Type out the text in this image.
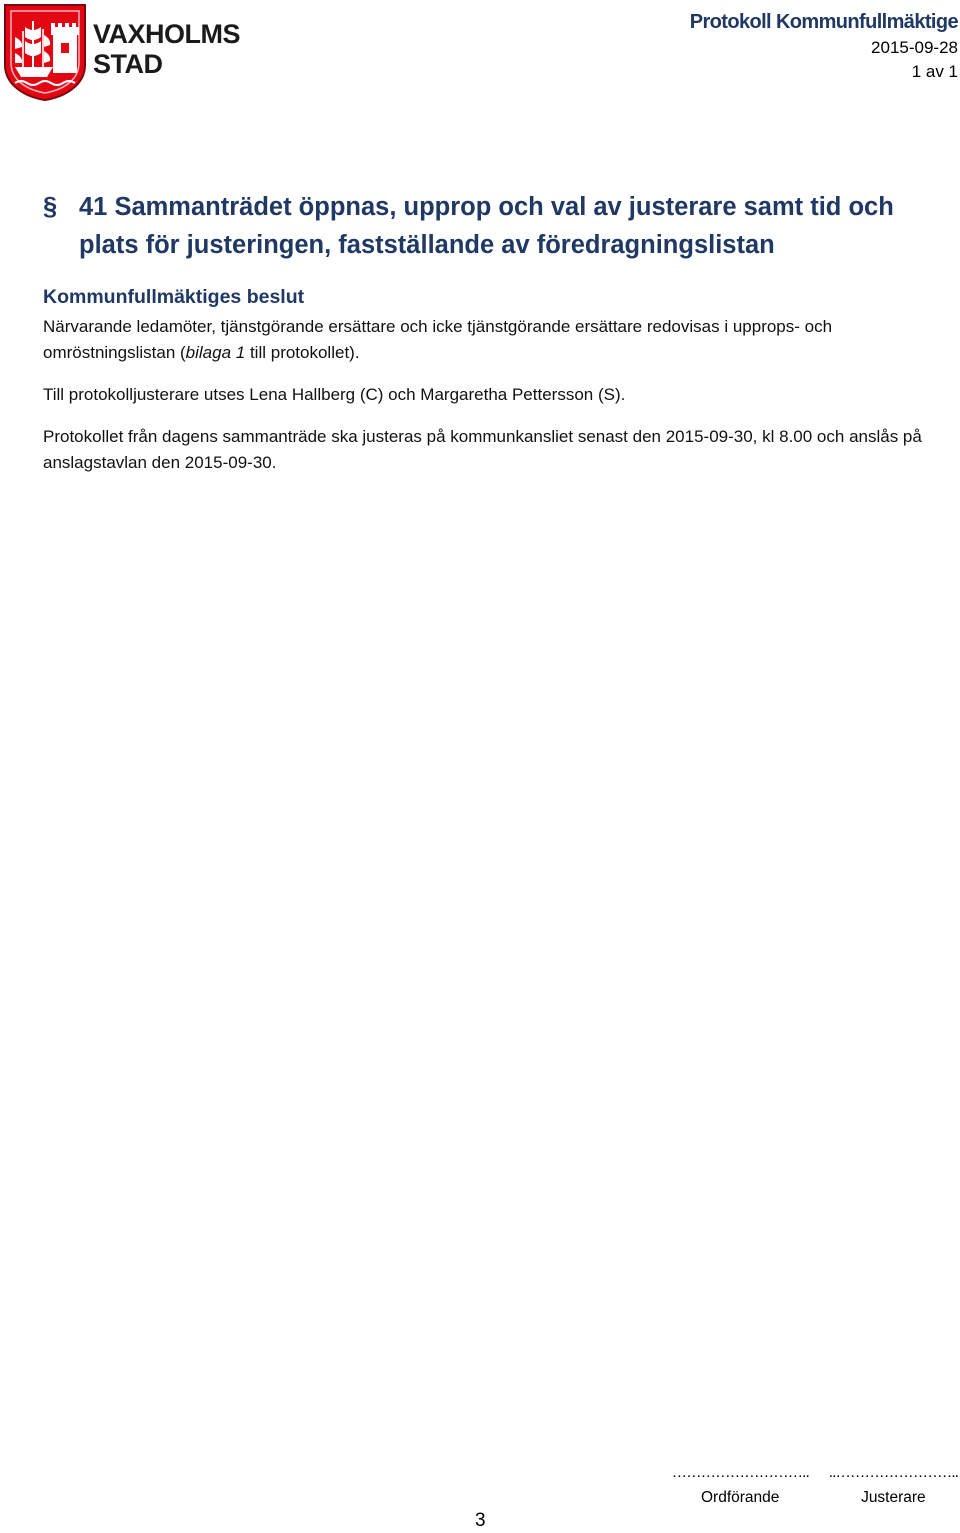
VAXHOLMS
STAD
Protokoll Kommunfullmäktige
2015-09-28
1 av 1
§ 41 Sammanträdet öppnas, upprop och val av justerare samt tid och plats för justeringen, fastställande av föredragningslistan
Kommunfullmäktiges beslut

Närvarande ledamöter, tjänstgörande ersättare och icke tjänstgörande ersättare redovisas i upprops- och omröstningslistan (bilaga 1 till protokollet).

Till protokolljusterare utses Lena Hallberg (C) och Margaretha Pettersson (S).

Protokollet från dagens sammanträde ska justeras på kommunkansliet senast den 2015-09-30, kl 8.00 och anslås på anslagstavlan den 2015-09-30.

3
………………………..
Ordförande
..……………………..
Justerare
